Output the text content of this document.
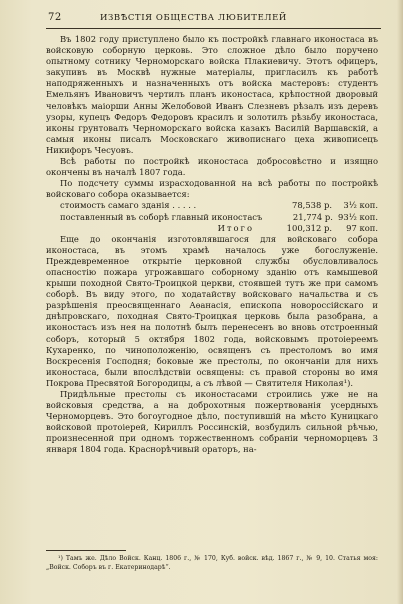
72	ИЗВѢСТІЯ ОБЩЕСТВА ЛЮБИТЕЛЕЙ

Въ 1802 году приступлено было къ постройкѣ главнаго иконостаса въ войсковую соборную церковь. Это сложное дѣло было поручено опытному сотнику Черноморскаго войска Плакиевичу. Этотъ офицеръ, закупивъ въ Москвѣ нужные матеріалы, пригласилъ къ работѣ наподряженныхъ и назначенныхъ отъ войска мастеровъ: студентъ Емельянъ Ивановичъ чертилъ планъ иконостаса, крѣпостной дворовый человѣкъ маіорши Анны Желобовой Иванъ Слезневъ рѣзалъ изъ деревъ узоры, купецъ Федоръ Федоровъ красилъ и золотилъ рѣзьбу иконостаса, иконы грунтовалъ Черноморскаго войска казакъ Василій Варшавскій, а самыя иконы писалъ Московскаго живописнаго цеха живописецъ Никифоръ Чесуовъ.

Всѣ работы по постройкѣ иконостаса добросовѣстно и изящно окончены въ началѣ 1807 года.

По подсчету суммы израсходованной на всѣ работы по постройкѣ войсковаго собора оказывается:

стоимость самаго зданія . . . . .	78,538 р.	3¹⁄₂ коп.
поставленный въ соборѣ главный иконостасъ	21,774 р. 93¹⁄₂ коп.
Итого	100,312 р.	97 коп.

Еще до окончанія изготовлявшагося для войсковаго собора иконостаса, въ этомъ храмѣ началось уже богослуженіе. Преждевременное открытіе церковной службы обусловливалось опасностію пожара угрожавшаго соборному зданію отъ камышевой крыши походной Свято-Троицкой церкви, стоявшей тутъ же при самомъ соборѣ. Въ виду этого, по ходатайству войсковаго начальства и съ разрѣшенія преосвященнаго Аѳанасія, епископа новороссійскаго и днѣпровскаго, походная Свято-Троицкая церковь была разобрана, а иконостасъ изъ нея на полотнѣ былъ перенесенъ во вновь отстроенный соборъ, который 5 октября 1802 года, войсковымъ протоіереемъ Кухаренко, по чиноположенію, освященъ съ престоломъ во имя Воскресенія Господня; боковые же престолы, по окончаніи для нихъ иконостаса, были впослѣдствіи освящены: съ правой стороны во имя Покрова Пресвятой Богородицы, а съ лѣвой — Святителя Николая¹).

Придѣльные престолы съ иконостасами строились уже не на войсковыя средства, а на доброхотныя пожертвованія усердныхъ Черноморцевъ. Это богоугодное дѣло, поступившій на мѣсто Куницкаго войсковой протоіерей, Кириллъ Россинскій, возбудилъ сильной рѣчью, произнесенной при одномъ торжественномъ собраніи черноморцевъ 3 января 1804 года. Краснорѣчивый ораторъ, на-

¹) Тамъ же. Дѣло Войск. Канц. 1806 г., № 170, Куб. войск. вѣд. 1867 г., № 9, 10. Статья моя: „Войск. Соборъ въ г. Екатеринодарѣ“.
